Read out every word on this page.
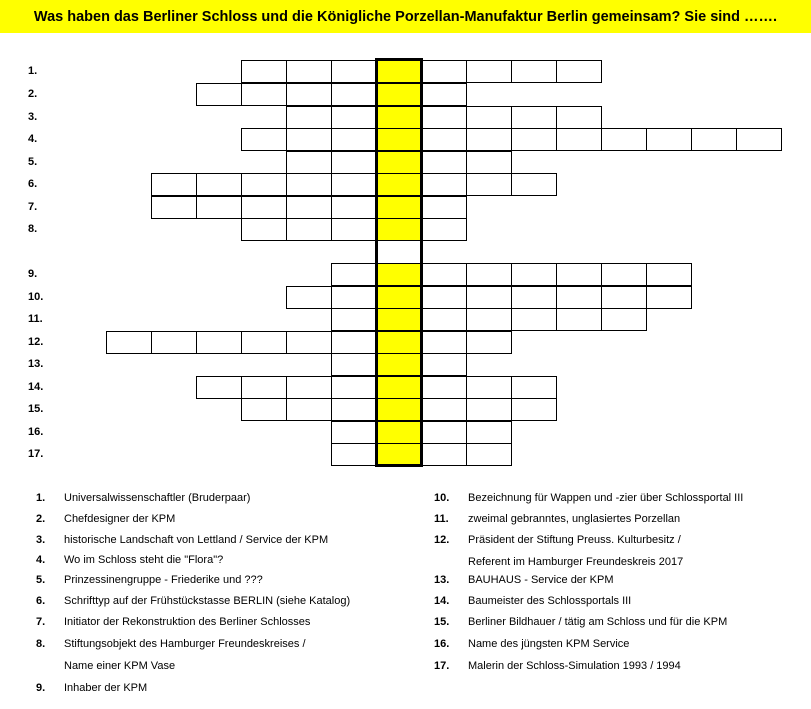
Was haben das Berliner Schloss und die Königliche Porzellan-Manufaktur Berlin gemeinsam? Sie sind …….
1.
2.
3.
4.
5.
6.
7.
8.
9.
10.
11.
12.
13.
14.
15.
16.
17.
1. Universalwissenschaftler (Bruderpaar)
2. Chefdesigner der KPM
3. historische Landschaft von Lettland / Service der KPM
4. Wo im Schloss steht die "Flora"?
5. Prinzessinengruppe - Friederike und ???
6. Schrifttyp auf der Frühstückstasse BERLIN (siehe Katalog)
7. Initiator der Rekonstruktion des Berliner Schlosses
8. Stiftungsobjekt des Hamburger Freundeskreises /
Name einer KPM Vase
9. Inhaber der KPM
10. Bezeichnung für Wappen und -zier über Schlossportal III
11. zweimal gebranntes, unglasiertes Porzellan
12. Präsident der Stiftung Preuss. Kulturbesitz /
Referent im Hamburger Freundeskreis 2017
13. BAUHAUS - Service der KPM
14. Baumeister des Schlossportals III
15. Berliner Bildhauer / tätig am Schloss und für die KPM
16. Name des jüngsten KPM Service
17. Malerin der Schloss-Simulation 1993 / 1994
